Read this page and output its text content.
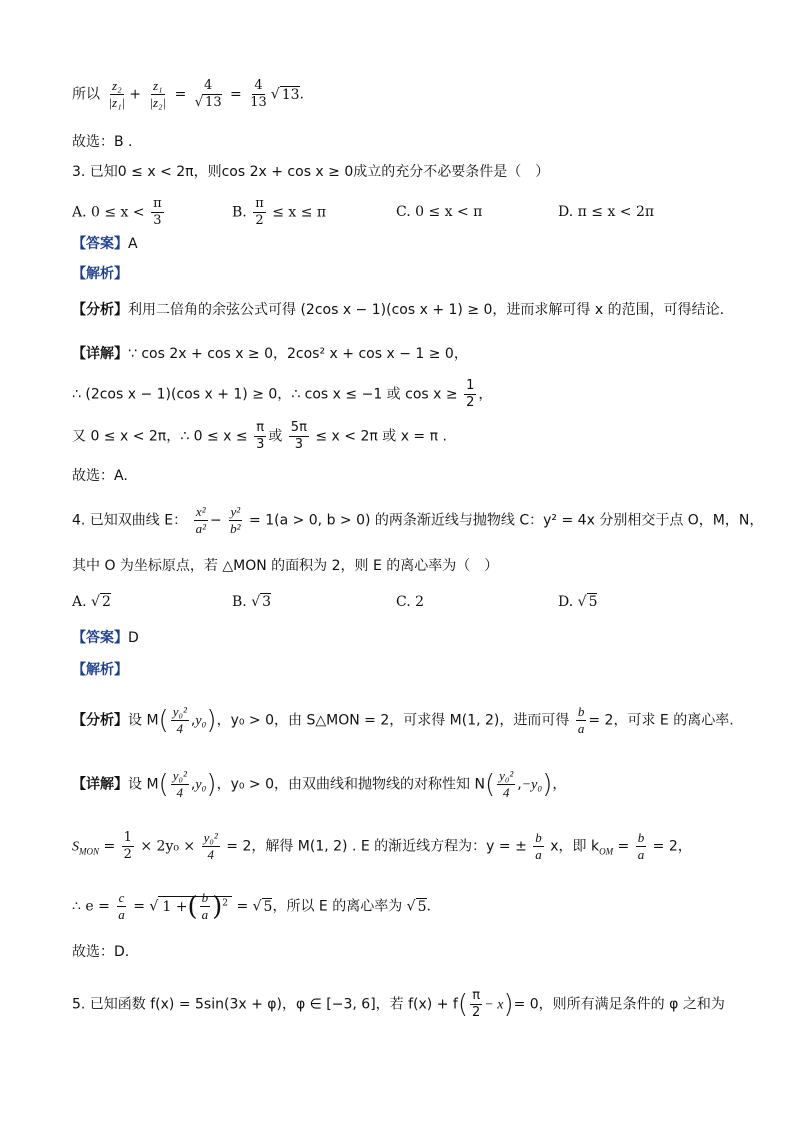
所以 $\frac{\text{z₂}}{\text{|z₁|}} + \frac{\text{z₁}}{\text{|z₂|}} = \frac{4}{√ 13} = \frac{4}{13}$ √ 13.
故选：B .
3. 已知0 ≤ x < 2π，则cos 2x + cos x ≥ 0成立的充分不必要条件是（　）
A. $0 \le x < \frac{\pi}{3}$	B. $\frac{\pi}{2} \le x \le \pi$	C. 0 ≤ x < π	D. π ≤ x < 2π
【答案】A
【解析】
【分析】利用二倍角的余弦公式可得 (2cos x − 1)(cos x + 1) ≥ 0，进而求解可得 x 的范围，可得结论.
【详解】∵ cos 2x + cos x ≥ 0，2cos² x + cos x − 1 ≥ 0，
∴ (2cos x − 1)(cos x + 1) ≥ 0，∴ cos x ≤ −1 或 $\cos x \ge \frac{1}{2}$ ，
又 0 ≤ x < 2π，∴ $0 \le x \le \frac{\pi}{3}$ 或 $\frac{5\pi}{3} \le x < 2\pi$ 或 x = π .
故选：A.
4. 已知双曲线 E： $\frac{\text{x²}}{\text{a²}} - \frac{\text{y²}}{\text{b²}} = 1(a > 0$, b > 0) 的两条渐近线与抛物线 C：y² = 4x 分别相交于点 O，M，N，
其中 O 为坐标原点，若 △MON 的面积为 2，则 E 的离心率为（　）
A. √ 2	B. √ 3	C. 2	D. √ 5
【答案】D
【解析】
【分析】设 $M( \frac{\text{y₀²}}{4} ,y_0)$，y₀ > 0，由 S△MON = 2，可求得 M(1, 2)，进而可得 $\frac{b}{a} = 2$，可求 E 的离心率.
【详解】设 $M( \frac{\text{y₀²}}{4} ,y_0)$，y₀ > 0，由双曲线和抛物线的对称性知 $N( \frac{\text{y₀²}}{4} ,-y_0)$，
$S_{MON} = \frac{1}{2} \times 2y_0 \times \frac{\text{y₀²}}{4} = 2$，解得 M(1, 2) . E 的渐近线方程为：y = ± $\frac{b}{a}$ x，即 $k_{OM} = \frac{b}{a} = 2$，
∴ $e = \frac{c}{a}$ = √ 1 +( $\frac{b}{a} )^2$ = √ 5，所以 E 的离心率为 √ 5.
故选：D.
5. 已知函数 f(x) = 5sin(3x + φ)，φ ∈ [−3, 6]，若 $f(x) + f( \frac{\pi}{2} - x)= 0$，则所有满足条件的 φ 之和为
